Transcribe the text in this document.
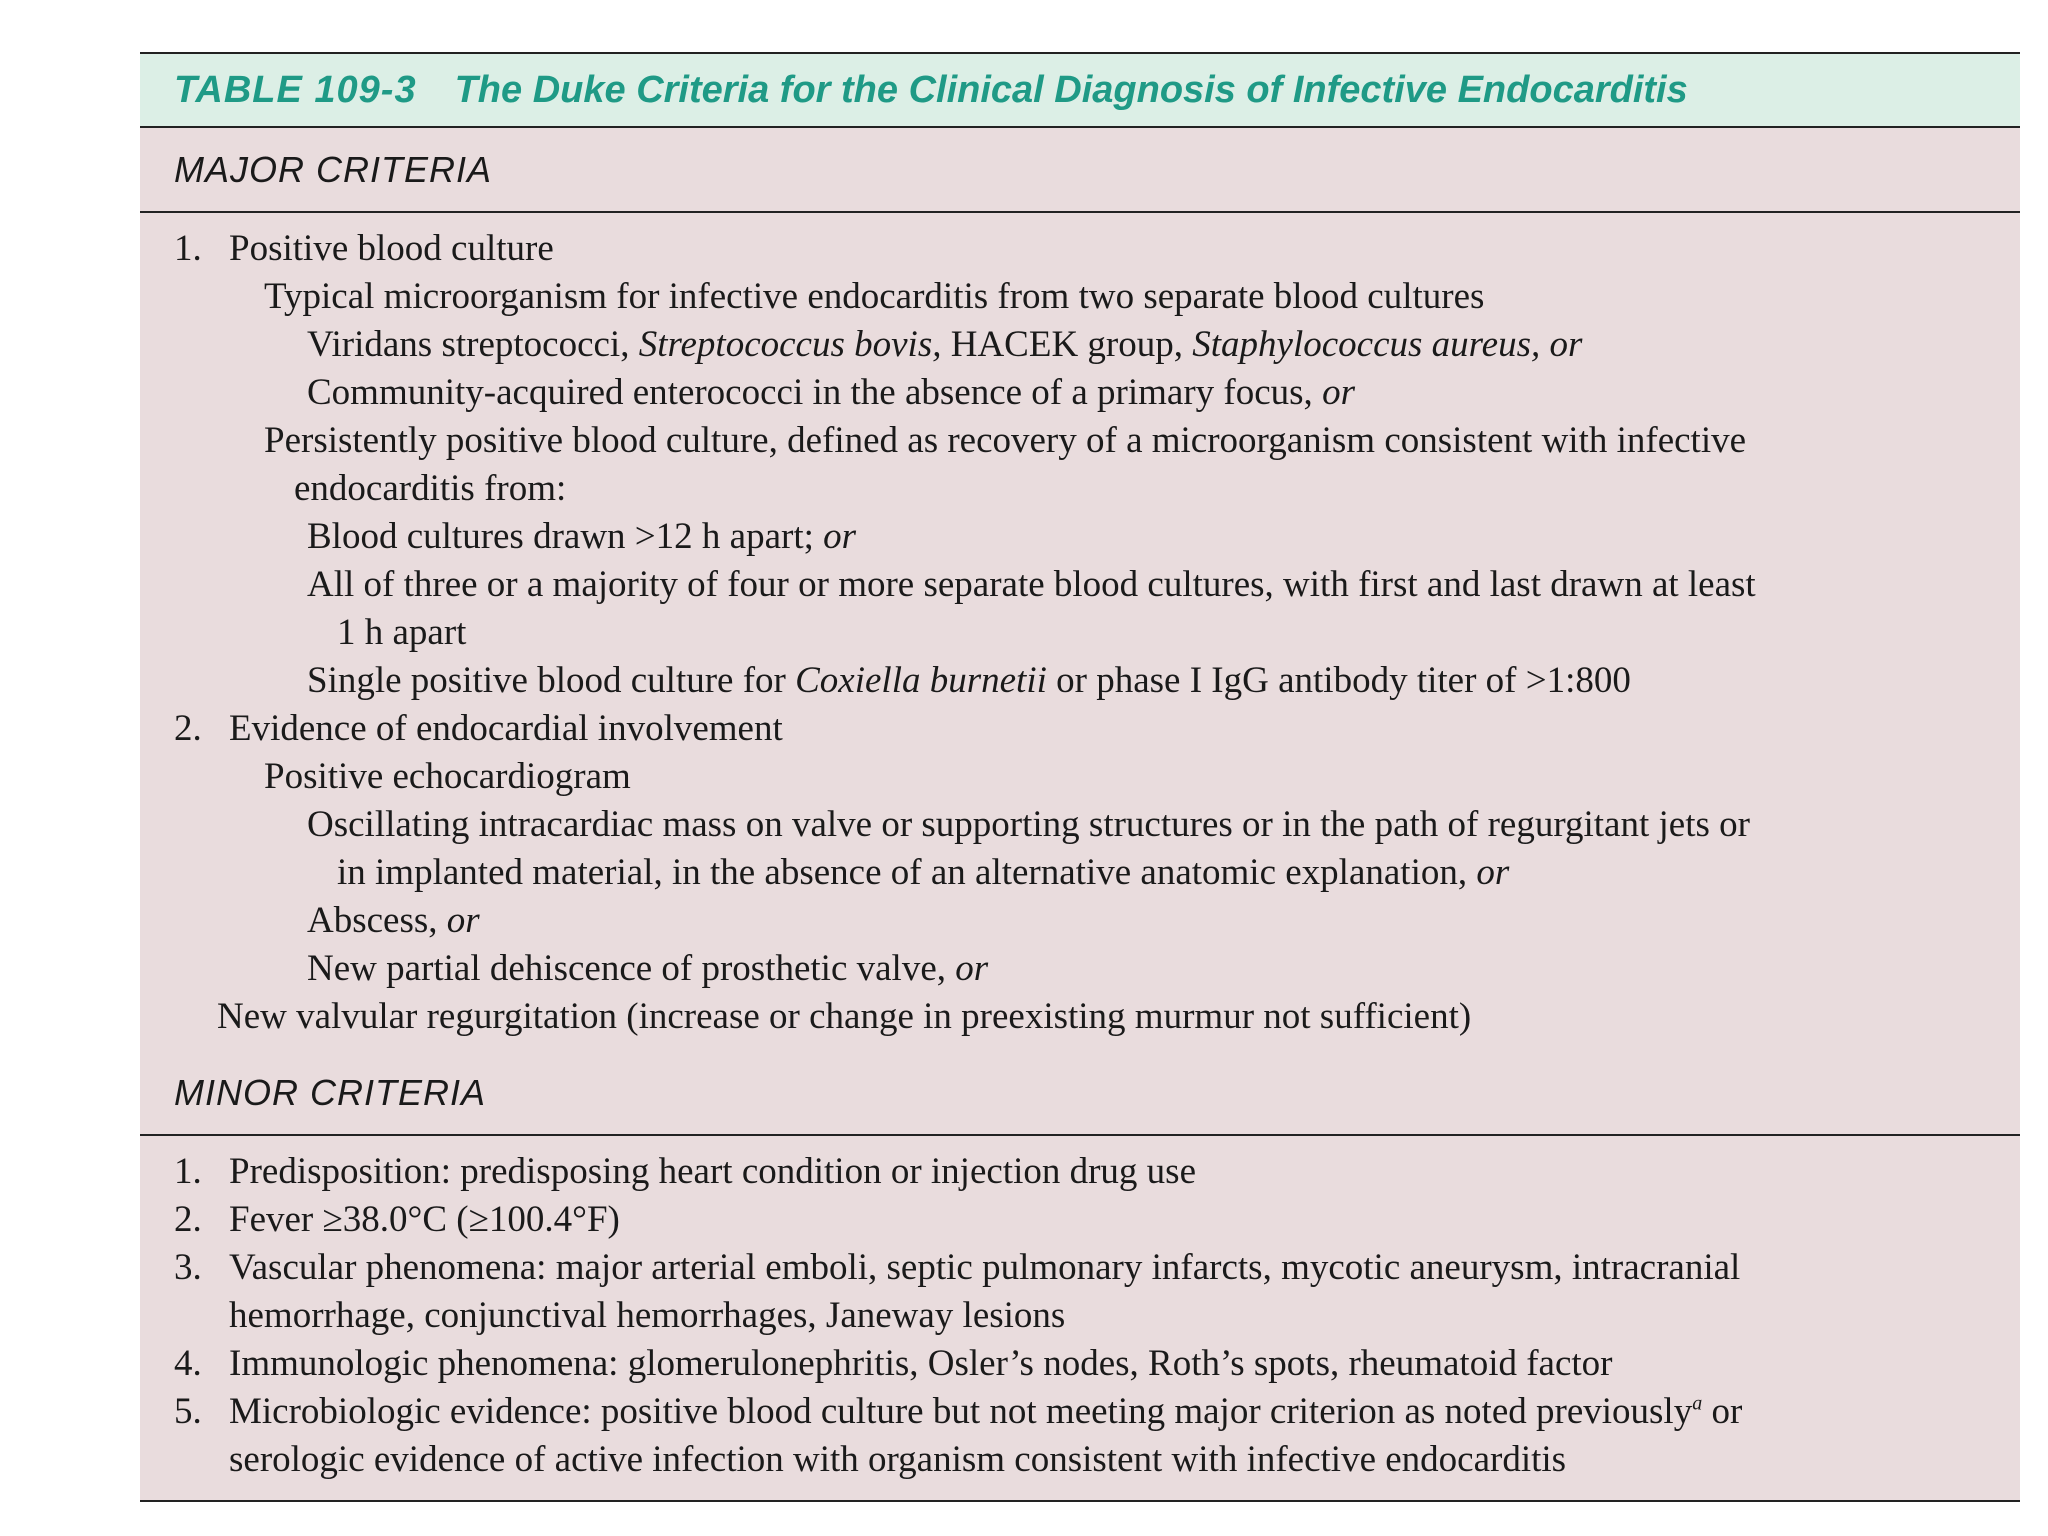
TABLE 109-3 The Duke Criteria for the Clinical Diagnosis of Infective Endocarditis
MAJOR CRITERIA
1. Positive blood culture
Typical microorganism for infective endocarditis from two separate blood cultures
Viridans streptococci, Streptococcus bovis, HACEK group, Staphylococcus aureus, or
Community-acquired enterococci in the absence of a primary focus, or
Persistently positive blood culture, defined as recovery of a microorganism consistent with infective
endocarditis from:
Blood cultures drawn >12 h apart; or
All of three or a majority of four or more separate blood cultures, with first and last drawn at least
1 h apart
Single positive blood culture for Coxiella burnetii or phase I IgG antibody titer of >1:800
2. Evidence of endocardial involvement
Positive echocardiogram
Oscillating intracardiac mass on valve or supporting structures or in the path of regurgitant jets or
in implanted material, in the absence of an alternative anatomic explanation, or
Abscess, or
New partial dehiscence of prosthetic valve, or
New valvular regurgitation (increase or change in preexisting murmur not sufficient)
MINOR CRITERIA
1. Predisposition: predisposing heart condition or injection drug use
2. Fever ≥38.0°C (≥100.4°F)
3. Vascular phenomena: major arterial emboli, septic pulmonary infarcts, mycotic aneurysm, intracranial
hemorrhage, conjunctival hemorrhages, Janeway lesions
4. Immunologic phenomena: glomerulonephritis, Osler’s nodes, Roth’s spots, rheumatoid factor
5. Microbiologic evidence: positive blood culture but not meeting major criterion as noted previously$^a$ or
serologic evidence of active infection with organism consistent with infective endocarditis
